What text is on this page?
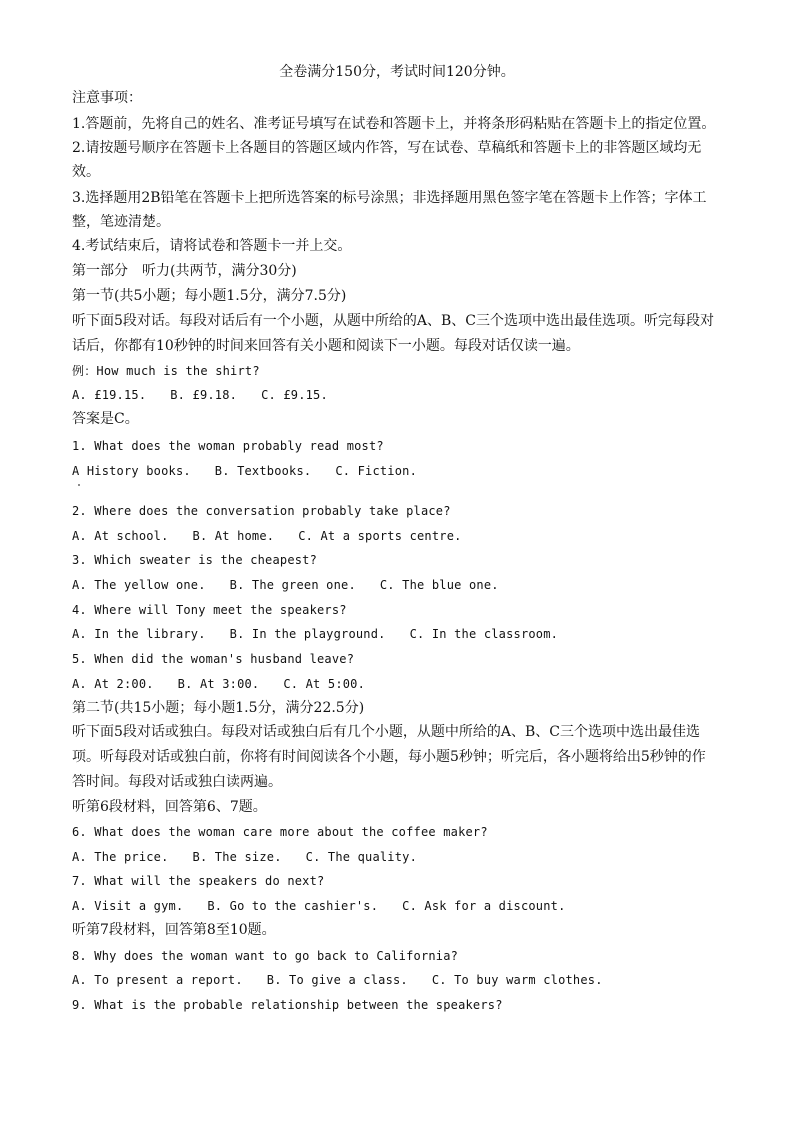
全卷满分150分，考试时间120分钟。
注意事项：
1.答题前，先将自己的姓名、准考证号填写在试卷和答题卡上，并将条形码粘贴在答题卡上的指定位置。
2.请按题号顺序在答题卡上各题目的答题区域内作答，写在试卷、草稿纸和答题卡上的非答题区域均无
效。
3.选择题用2B铅笔在答题卡上把所选答案的标号涂黑；非选择题用黑色签字笔在答题卡上作答；字体工
整，笔迹清楚。
4.考试结束后，请将试卷和答题卡一并上交。
第一部分　听力(共两节，满分30分)
第一节(共5小题；每小题1.5分，满分7.5分)
听下面5段对话。每段对话后有一个小题，从题中所给的A、B、C三个选项中选出最佳选项。听完每段对
话后，你都有10秒钟的时间来回答有关小题和阅读下一小题。每段对话仅读一遍。
例：How much is the shirt?
A. £19.15. B. £9.18. C. £9.15.
答案是C。
1. What does the woman probably read most?
A History books. B. Textbooks. C. Fiction.
2. Where does the conversation probably take place?
A. At school. B. At home. C. At a sports centre.
3. Which sweater is the cheapest?
A. The yellow one. B. The green one. C. The blue one.
4. Where will Tony meet the speakers?
A. In the library. B. In the playground. C. In the classroom.
5. When did the woman's husband leave?
A. At 2:00. B. At 3:00. C. At 5:00.
第二节(共15小题；每小题1.5分，满分22.5分)
听下面5段对话或独白。每段对话或独白后有几个小题，从题中所给的A、B、C三个选项中选出最佳选
项。听每段对话或独白前，你将有时间阅读各个小题，每小题5秒钟；听完后，各小题将给出5秒钟的作
答时间。每段对话或独白读两遍。
听第6段材料，回答第6、7题。
6. What does the woman care more about the coffee maker?
A. The price. B. The size. C. The quality.
7. What will the speakers do next?
A. Visit a gym. B. Go to the cashier's. C. Ask for a discount.
听第7段材料，回答第8至10题。
8. Why does the woman want to go back to California?
A. To present a report. B. To give a class. C. To buy warm clothes.
9. What is the probable relationship between the speakers?
